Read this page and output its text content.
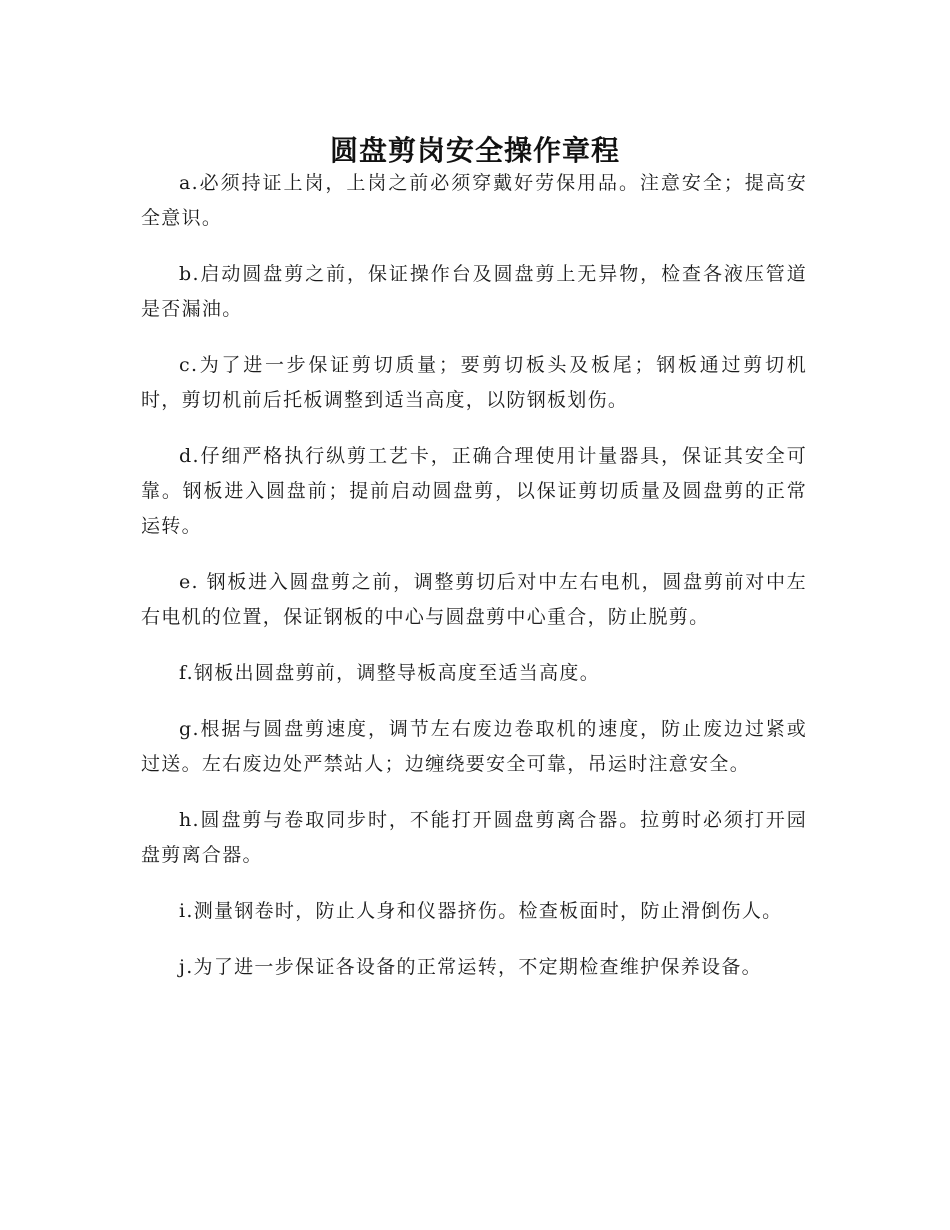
圆盘剪岗安全操作章程

a.必须持证上岗，上岗之前必须穿戴好劳保用品。注意安全；提高安全意识。

b.启动圆盘剪之前，保证操作台及圆盘剪上无异物，检查各液压管道是否漏油。

c.为了进一步保证剪切质量；要剪切板头及板尾；钢板通过剪切机时，剪切机前后托板调整到适当高度，以防钢板划伤。

d.仔细严格执行纵剪工艺卡，正确合理使用计量器具，保证其安全可靠。钢板进入圆盘前；提前启动圆盘剪，以保证剪切质量及圆盘剪的正常运转。

e. 钢板进入圆盘剪之前，调整剪切后对中左右电机，圆盘剪前对中左右电机的位置，保证钢板的中心与圆盘剪中心重合，防止脱剪。

f.钢板出圆盘剪前，调整导板高度至适当高度。

g.根据与圆盘剪速度，调节左右废边卷取机的速度，防止废边过紧或过送。左右废边处严禁站人；边缠绕要安全可靠，吊运时注意安全。

h.圆盘剪与卷取同步时，不能打开圆盘剪离合器。拉剪时必须打开园盘剪离合器。

i.测量钢卷时，防止人身和仪器挤伤。检查板面时，防止滑倒伤人。

j.为了进一步保证各设备的正常运转，不定期检查维护保养设备。
